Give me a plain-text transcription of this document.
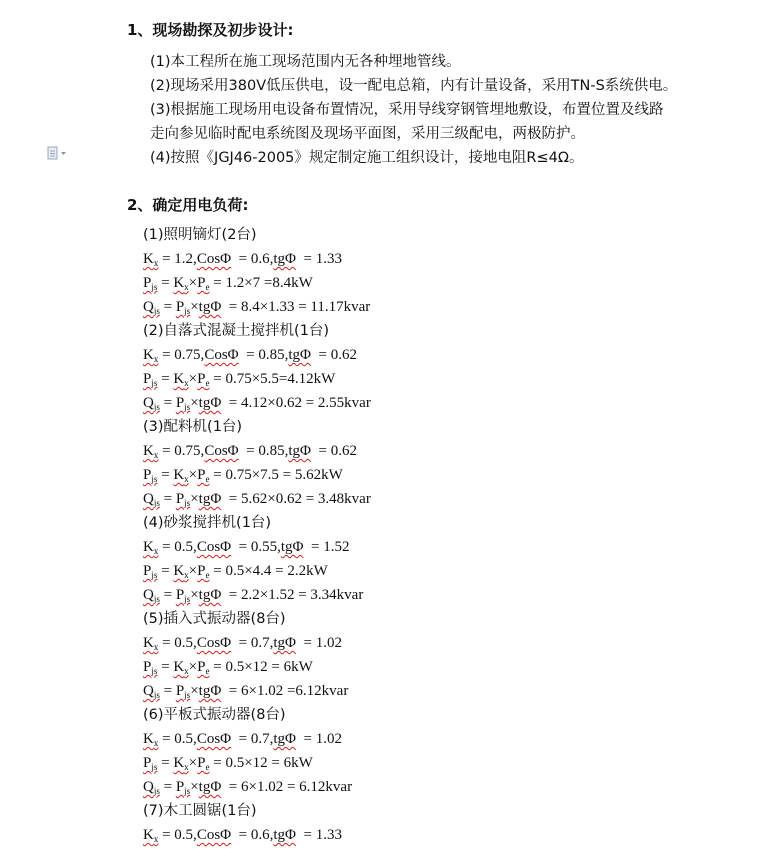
1、现场勘探及初步设计:
(1)本工程所在施工现场范围内无各种埋地管线。
(2)现场采用380V低压供电，设一配电总箱，内有计量设备，采用TN-S系统供电。
(3)根据施工现场用电设备布置情况，采用导线穿钢管埋地敷设，布置位置及线路
走向参见临时配电系统图及现场平面图，采用三级配电，两极防护。
(4)按照《JGJ46-2005》规定制定施工组织设计，接地电阻R≤4Ω。
2、确定用电负荷:
(1)照明镝灯(2台)
$K_x = 1.2,Cos\Phi = 0.6,tg\Phi = 1.33$
$P_{js} = K_x\times P_e = 1.2\times 7 =8.4kW$
$Q_{js} = P_{js}\times tg\Phi = 8.4\times 1.33$ = 11.17kvar
(2)自落式混凝土搅拌机(1台)
$K_x = 0.75,Cos\Phi = 0.85,tg\Phi = 0.62$
$P_{js} = K_x\times P_e = 0.75\times 5.5=4.12kW$
$Q_{js} = P_{js}\times tg\Phi = 4.12\times 0.62$ = 2.55kvar
(3)配料机(1台)
$K_x = 0.75,Cos\Phi = 0.85,tg\Phi = 0.62$
$P_{js} = K_x\times P_e = 0.75\times 7.5 = 5.62kW$
$Q_{js} = P_{js}\times tg\Phi = 5.62\times 0.62$ = 3.48kvar
(4)砂浆搅拌机(1台)
$K_x = 0.5,Cos\Phi = 0.55,tg\Phi = 1.52$
$P_{js} = K_x\times P_e = 0.5\times 4.4 = 2.2kW$
$Q_{js} = P_{js}\times tg\Phi = 2.2\times 1.52$ = 3.34kvar
(5)插入式振动器(8台)
$K_x = 0.5,Cos\Phi = 0.7,tg\Phi = 1.02$
$P_{js} = K_x\times P_e = 0.5\times 12 = 6kW$
$Q_{js} = P_{js}\times tg\Phi = 6\times 1.02$ =6.12kvar
(6)平板式振动器(8台)
$K_x = 0.5,Cos\Phi = 0.7,tg\Phi = 1.02$
$P_{js} = K_x\times P_e = 0.5\times 12 = 6kW$
$Q_{js} = P_{js}\times tg\Phi = 6\times 1.02$ = 6.12kvar
(7)木工圆锯(1台)
$K_x = 0.5,Cos\Phi = 0.6,tg\Phi = 1.33$
